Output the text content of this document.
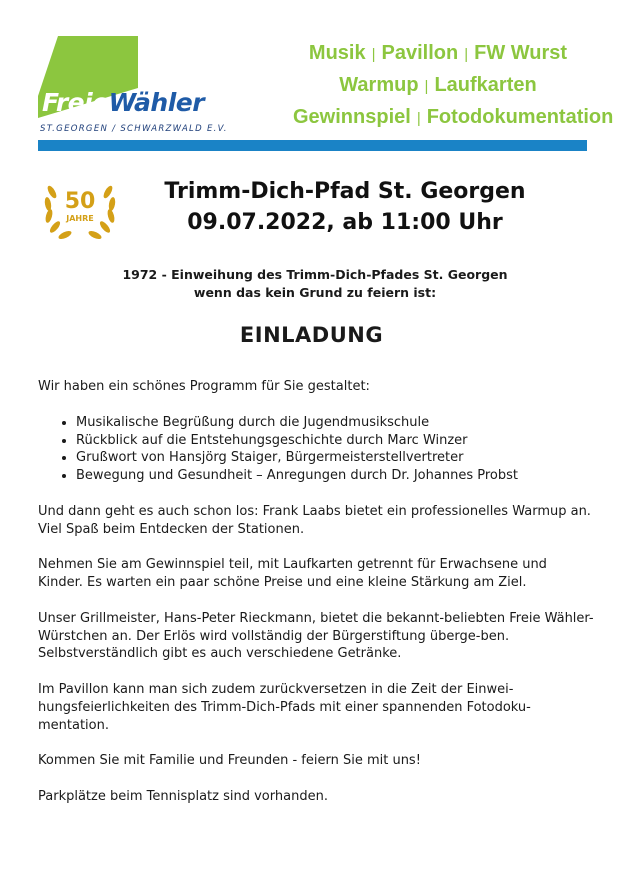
FreieWähler
ST.GEORGEN / SCHWARZWALD E.V.
Musik | Pavillon | FW Wurst
Warmup | Laufkarten
Gewinnspiel | Fotodokumentation
50
JAHRE
Trimm-Dich-Pfad St. Georgen
09.07.2022, ab 11:00 Uhr
1972 - Einweihung des Trimm-Dich-Pfades St. Georgen
wenn das kein Grund zu feiern ist:
EINLADUNG

Wir haben ein schönes Programm für Sie gestaltet:

• Musikalische Begrüßung durch die Jugendmusikschule
• Rückblick auf die Entstehungsgeschichte durch Marc Winzer
• Grußwort von Hansjörg Staiger, Bürgermeisterstellvertreter
• Bewegung und Gesundheit – Anregungen durch Dr. Johannes Probst

Und dann geht es auch schon los: Frank Laabs bietet ein professionelles Warmup an. Viel Spaß beim Entdecken der Stationen.

Nehmen Sie am Gewinnspiel teil, mit Laufkarten getrennt für Erwachsene und Kinder. Es warten ein paar schöne Preise und eine kleine Stärkung am Ziel.

Unser Grillmeister, Hans-Peter Rieckmann, bietet die bekannt-beliebten Freie Wähler-Würstchen an. Der Erlös wird vollständig der Bürgerstiftung überge-ben. Selbstverständlich gibt es auch verschiedene Getränke.

Im Pavillon kann man sich zudem zurückversetzen in die Zeit der Einwei-hungsfeierlichkeiten des Trimm-Dich-Pfads mit einer spannenden Fotodoku-mentation.

Kommen Sie mit Familie und Freunden - feiern Sie mit uns!

Parkplätze beim Tennisplatz sind vorhanden.
